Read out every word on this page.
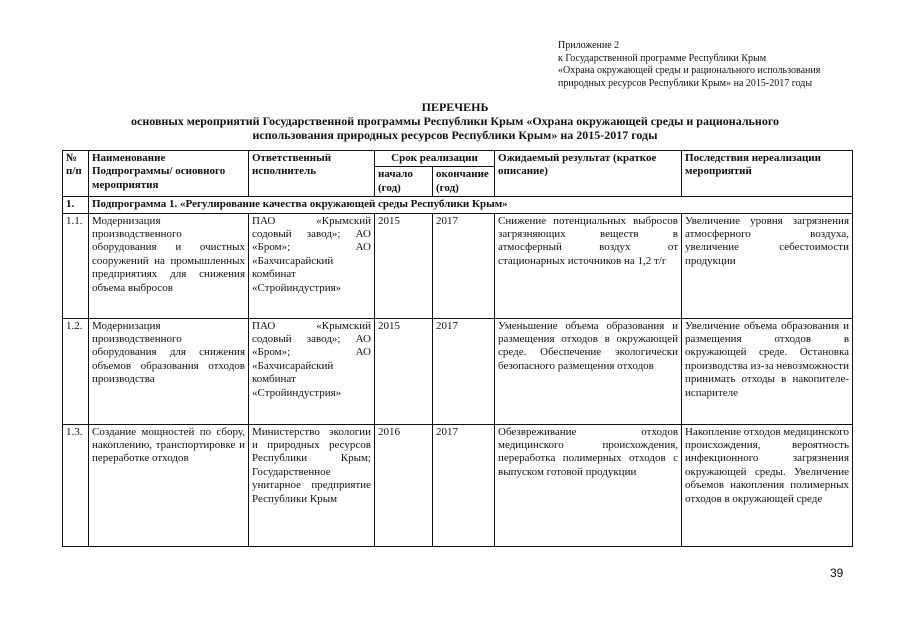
Приложение 2
к Государственной программе Республики Крым
«Охрана окружающей среды и рационального использования
природных ресурсов Республики Крым» на 2015-2017 годы
ПЕРЕЧЕНЬ
основных мероприятий Государственной программы Республики Крым «Охрана окружающей среды и рационального
использования природных ресурсов Республики Крым» на 2015-2017 годы
№ п/п	Наименование Подпрограммы/ основного мероприятия	Ответственный исполнитель	Срок реализации		Ожидаемый результат (краткое описание)	Последствия нереализации мероприятий
			начало (год)	окончание (год)		
1.	Подпрограмма 1. «Регулирование качества окружающей среды Республики Крым»					
1.1.	Модернизация производственного оборудования и очистных сооружений на промышленных предприятиях для снижения объема выбросов	ПАО «Крымский содовый завод»; АО «Бром»; АО «Бахчисарайский комбинат «Стройиндустрия»	2015	2017	Снижение потенциальных выбросов загрязняющих веществ в атмосферный воздух от стационарных источников на 1,2 т/г	Увеличение уровня загрязнения атмосферного воздуха, увеличение себестоимости продукции
1.2.	Модернизация производственного оборудования для снижения объемов образования отходов производства	ПАО «Крымский содовый завод»; АО «Бром»; АО «Бахчисарайский комбинат «Стройиндустрия»	2015	2017	Уменьшение объема образования и размещения отходов в окружающей среде. Обеспечение экологически безопасного размещения отходов	Увеличение объема образования и размещения отходов в окружающей среде. Остановка производства из-за невозможности принимать отходы в накопителе-испарителе
1.3.	Создание мощностей по сбору, накоплению, транспортировке и переработке отходов	Министерство экологии и природных ресурсов Республики Крым; Государственное унитарное предприятие Республики Крым	2016	2017	Обезвреживание отходов медицинского происхождения, переработка полимерных отходов с выпуском готовой продукции	Накопление отходов медицинского происхождения, вероятность инфекционного загрязнения окружающей среды. Увеличение объемов накопления полимерных отходов в окружающей среде
39
